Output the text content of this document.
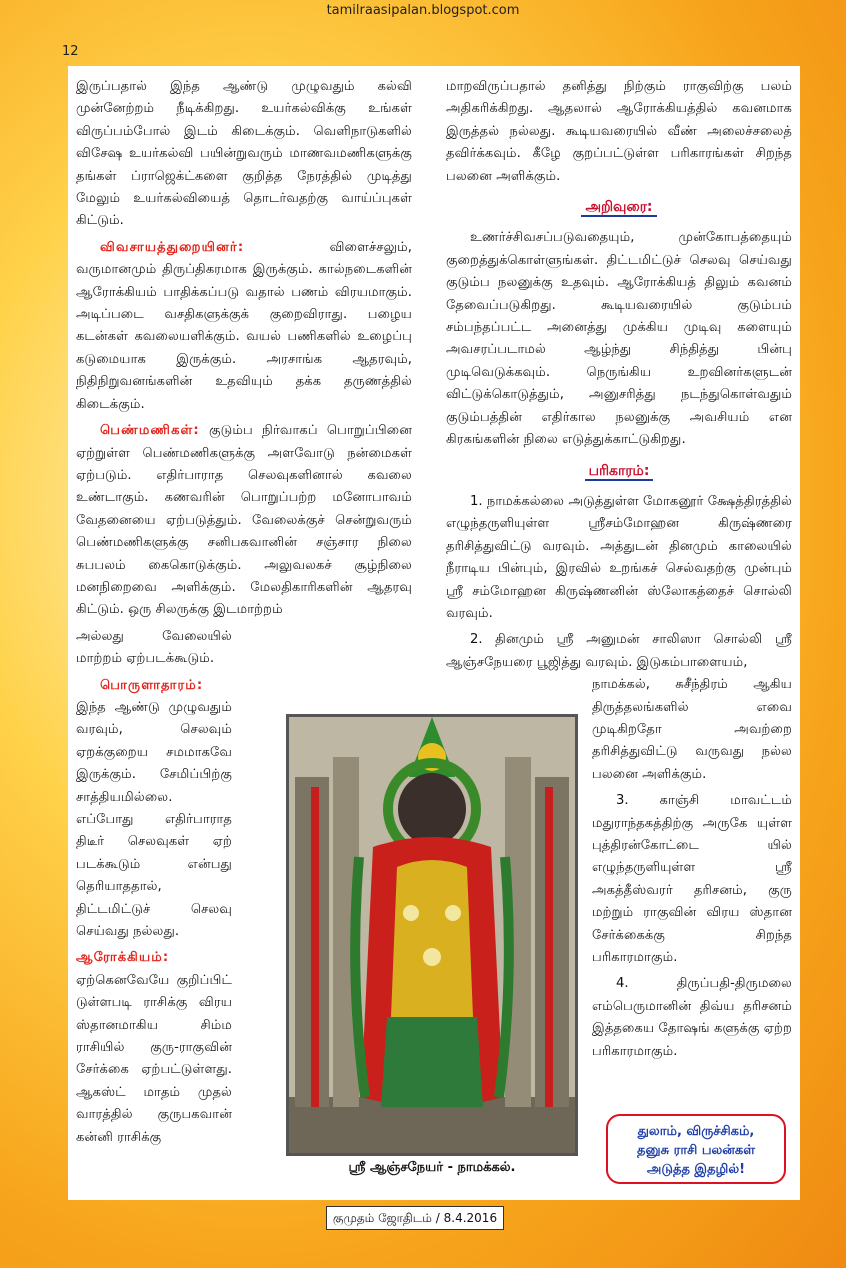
tamilraasipalan.blogspot.com
12

இருப்பதால் இந்த ஆண்டு முழுவதும் கல்வி முன்னேற்றம் நீடிக்கிறது. உயர்கல்விக்கு உங்கள் விருப்பம்போல் இடம் கிடைக்கும். வெளிநாடுகளில் விசேஷ உயர்கல்வி பயின்றுவரும் மாணவமணிகளுக்கு தங்கள் ப்ராஜெக்ட்களை குறித்த நேரத்தில் முடித்து மேலும் உயர்கல்வியைத் தொடர்வதற்கு வாய்ப்புகள் கிட்டும்.

விவசாயத்துறையினர்: விளைச்சலும், வருமானமும் திருப்திகரமாக இருக்கும். கால்நடைகளின் ஆரோக்கியம் பாதிக்கப்படு வதால் பணம் விரயமாகும். அடிப்படை வசதிகளுக்குக் குறைவிராது. பழைய கடன்கள் கவலையளிக்கும். வயல் பணிகளில் உழைப்பு கடுமையாக இருக்கும். அரசாங்க ஆதரவும், நிதிநிறுவனங்களின் உதவியும் தக்க தருணத்தில் கிடைக்கும்.

பெண்மணிகள்: குடும்ப நிர்வாகப் பொறுப்பினை ஏற்றுள்ள பெண்மணிகளுக்கு அளவோடு நன்மைகள் ஏற்படும். எதிர்பாராத செலவுகளினால் கவலை உண்டாகும். கணவரின் பொறுப்பற்ற மனோபாவம் வேதனையை ஏற்படுத்தும். வேலைக்குச் சென்றுவரும் பெண்மணிகளுக்கு சனிபகவானின் சஞ்சார நிலை சுபபலம் கைகொடுக்கும். அலுவலகச் சூழ்நிலை மனநிறைவை அளிக்கும். மேலதிகாரிகளின் ஆதரவு கிட்டும். ஒரு சிலருக்கு இடமாற்றம்

அல்லது வேலையில் மாற்றம் ஏற்படக்கூடும்.

பொருளாதாரம்: இந்த ஆண்டு முழுவதும் வரவும், செலவும் ஏறக்குறைய சமமாகவே இருக்கும். சேமிப்பிற்கு சாத்தியமில்லை. எப்போது எதிர்பாராத திடீர் செலவுகள் ஏற் படக்கூடும் என்பது தெரியாததால், திட்டமிட்டுச் செலவு செய்வது நல்லது.

ஆரோக்கியம்:
ஏற்கெனவேயே குறிப்பிட் டுள்ளபடி ராசிக்கு விரய ஸ்தானமாகிய சிம்ம ராசியில் குரு-ராகுவின் சேர்க்கை ஏற்பட்டுள்ளது. ஆகஸ்ட் மாதம் முதல் வாரத்தில் குருபகவான் கன்னி ராசிக்கு

மாறவிருப்பதால் தனித்து நிற்கும் ராகுவிற்கு பலம் அதிகரிக்கிறது. ஆதலால் ஆரோக்கியத்தில் கவனமாக இருத்தல் நல்லது. கூடியவரையில் வீண் அலைச்சலைத் தவிர்க்கவும். கீழே குறப்பட்டுள்ள பரிகாரங்கள் சிறந்த பலனை அளிக்கும்.

அறிவுரை:

உணர்ச்சிவசப்படுவதையும், முன்கோபத்தையும் குறைத்துக்கொள்ளுங்கள். திட்டமிட்டுச் செலவு செய்வது குடும்ப நலனுக்கு உதவும். ஆரோக்கியத் திலும் கவனம் தேவைப்படுகிறது. கூடியவரையில் குடும்பம் சம்பந்தப்பட்ட அனைத்து முக்கிய முடிவு களையும் அவசரப்படாமல் ஆழ்ந்து சிந்தித்து பின்பு முடிவெடுக்கவும். நெருங்கிய உறவினர்களுடன் விட்டுக்கொடுத்தும், அனுசரித்து நடந்துகொள்வதும் குடும்பத்தின் எதிர்கால நலனுக்கு அவசியம் என கிரகங்களின் நிலை எடுத்துக்காட்டுகிறது.

பரிகாரம்:

1. நாமக்கல்லை அடுத்துள்ள மோகனூர் க்ஷேத்திரத்தில் எழுந்தருளியுள்ள ஸ்ரீசம்மோஹன கிருஷ்ணரை தரிசித்துவிட்டு வரவும். அத்துடன் தினமும் காலையில் நீராடிய பின்பும், இரவில் உறங்கச் செல்வதற்கு முன்பும் ஸ்ரீ சம்மோஹன கிருஷ்ணனின் ஸ்லோகத்தைச் சொல்லி வரவும்.

2. தினமும் ஸ்ரீ அனுமன் சாலிஸா சொல்லி ஸ்ரீ ஆஞ்சநேயரை பூஜித்து வரவும். இடுகம்பாளையம்,

நாமக்கல், சுசீந்திரம் ஆகிய திருத்தலங்களில் எவை முடிகிறதோ அவற்றை தரிசித்துவிட்டு வருவது நல்ல பலனை அளிக்கும்.

3. காஞ்சி மாவட்டம் மதுராந்தகத்திற்கு அருகே யுள்ள புத்திரன்கோட்டை யில் எழுந்தருளியுள்ள ஸ்ரீ அகத்தீஸ்வரர் தரிசனம், குரு மற்றும் ராகுவின் விரய ஸ்தான சேர்க்கைக்கு சிறந்த பரிகாரமாகும்.

4. திருப்பதி-திருமலை எம்பெருமானின் திவ்ய தரிசனம் இத்தகைய தோஷங் களுக்கு ஏற்ற பரிகாரமாகும்.

ஸ்ரீ ஆஞ்சநேயர் - நாமக்கல்.
துலாம், விருச்சிகம்,
தனுசு ராசி பலன்கள்
அடுத்த இதழில்!
குமுதம் ஜோதிடம் / 8.4.2016
